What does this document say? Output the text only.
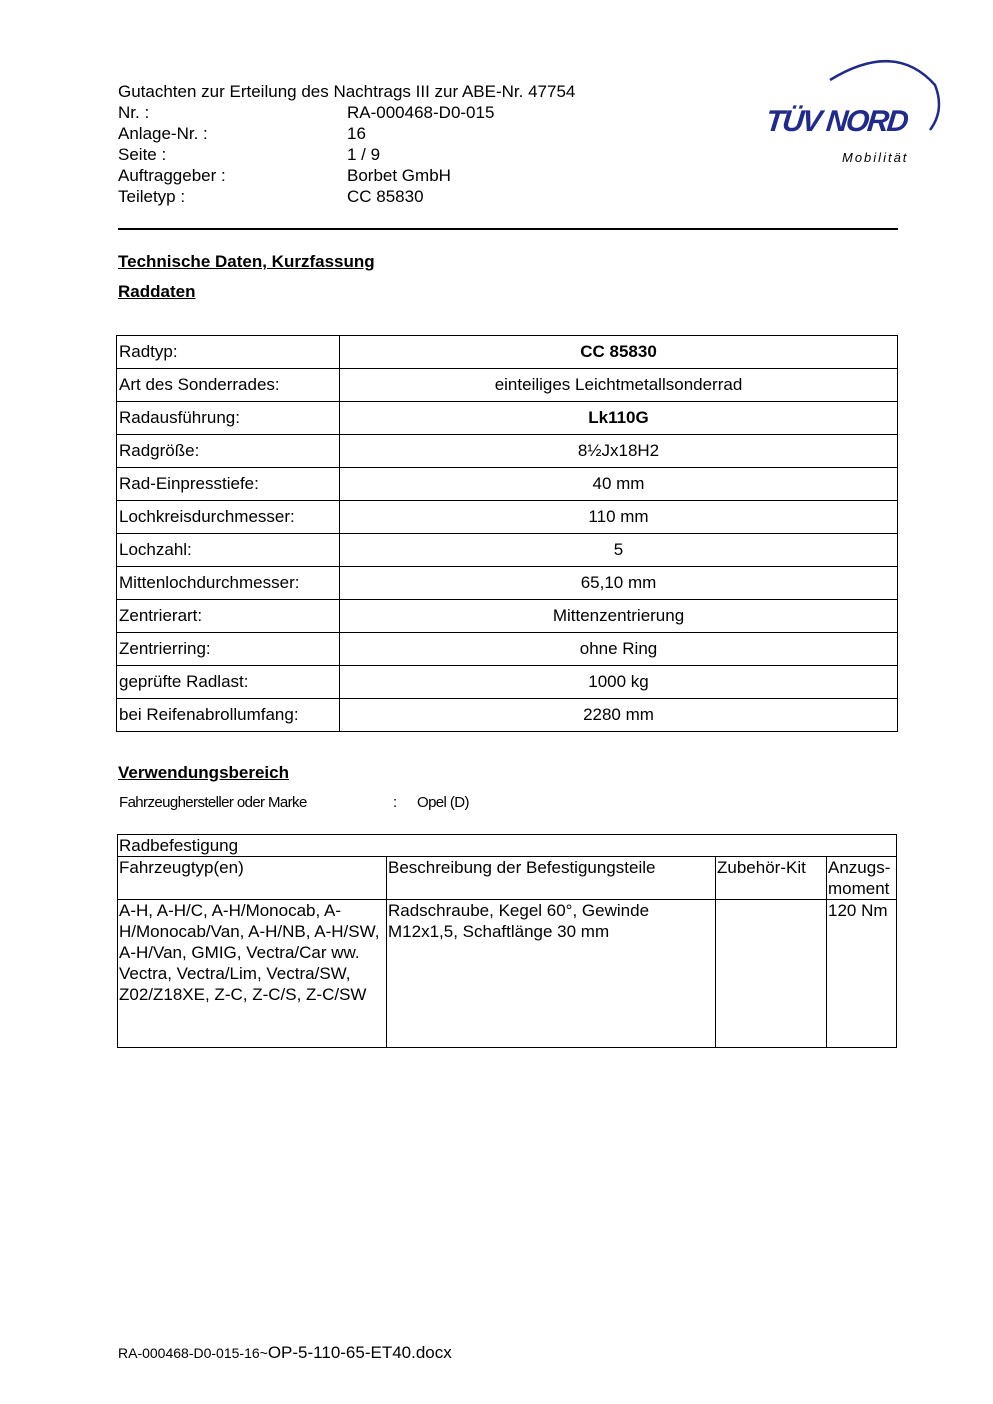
Gutachten zur Erteilung des Nachtrags III zur ABE-Nr. 47754
Nr. :	RA-000468-D0-015
Anlage-Nr. :	16
Seite :	1 / 9
Auftraggeber :	Borbet GmbH
Teiletyp :	CC 85830
TÜV NORD
Mobilität
Technische Daten, Kurzfassung
Raddaten
Radtyp:	CC 85830
Art des Sonderrades:	einteiliges Leichtmetallsonderrad
Radausführung:	Lk110G
Radgröße:	8½Jx18H2
Rad-Einpresstiefe:	40 mm
Lochkreisdurchmesser:	110 mm
Lochzahl:	5
Mittenlochdurchmesser:	65,10 mm
Zentrierart:	Mittenzentrierung
Zentrierring:	ohne Ring
geprüfte Radlast:	1000 kg
bei Reifenabrollumfang:	2280 mm
Verwendungsbereich
Fahrzeughersteller oder Marke	: Opel (D)
Radbefestigung			
Fahrzeugtyp(en)	Beschreibung der Befestigungsteile	Zubehör-Kit	Anzugs-moment
A-H, A-H/C, A-H/Monocab, A-H/Monocab/Van, A-H/NB, A-H/SW, A-H/Van, GMIG, Vectra/Car ww. Vectra, Vectra/Lim, Vectra/SW, Z02/Z18XE, Z-C, Z-C/S, Z-C/SW	Radschraube, Kegel 60°, Gewinde M12x1,5, Schaftlänge 30 mm		120 Nm
RA-000468-D0-015-16~OP-5-110-65-ET40.docx
